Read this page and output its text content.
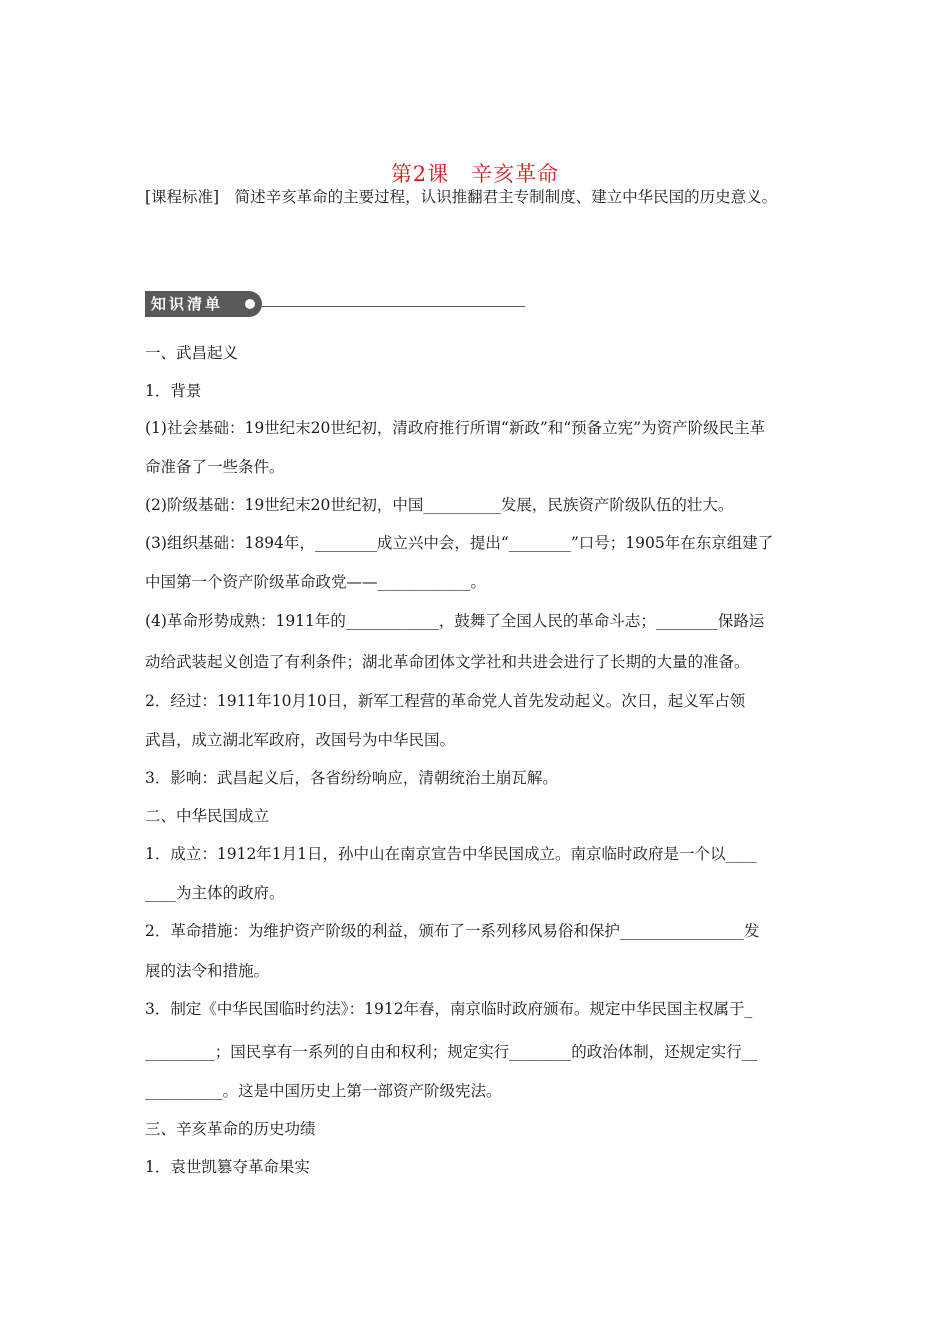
第2课　辛亥革命
[课程标准]　简述辛亥革命的主要过程，认识推翻君主专制制度、建立中华民国的历史意义。
知识清单
一、武昌起义
1．背景
(1)社会基础：19世纪末20世纪初，清政府推行所谓“新政”和“预备立宪”为资产阶级民主革
命准备了一些条件。
(2)阶级基础：19世纪末20世纪初，中国__________发展，民族资产阶级队伍的壮大。
(3)组织基础：1894年，________成立兴中会，提出“________”口号；1905年在东京组建了
中国第一个资产阶级革命政党——____________。
(4)革命形势成熟：1911年的____________，鼓舞了全国人民的革命斗志；________保路运
动给武装起义创造了有利条件；湖北革命团体文学社和共进会进行了长期的大量的准备。
2．经过：1911年10月10日，新军工程营的革命党人首先发动起义。次日，起义军占领
武昌，成立湖北军政府，改国号为中华民国。
3．影响：武昌起义后，各省纷纷响应，清朝统治土崩瓦解。
二、中华民国成立
1．成立：1912年1月1日，孙中山在南京宣告中华民国成立。南京临时政府是一个以____
____为主体的政府。
2．革命措施：为维护资产阶级的利益，颁布了一系列移风易俗和保护________________发
展的法令和措施。
3．制定《中华民国临时约法》：1912年春，南京临时政府颁布。规定中华民国主权属于_
_________；国民享有一系列的自由和权利；规定实行________的政治体制，还规定实行__
__________。这是中国历史上第一部资产阶级宪法。
三、辛亥革命的历史功绩
1．袁世凯篡夺革命果实
